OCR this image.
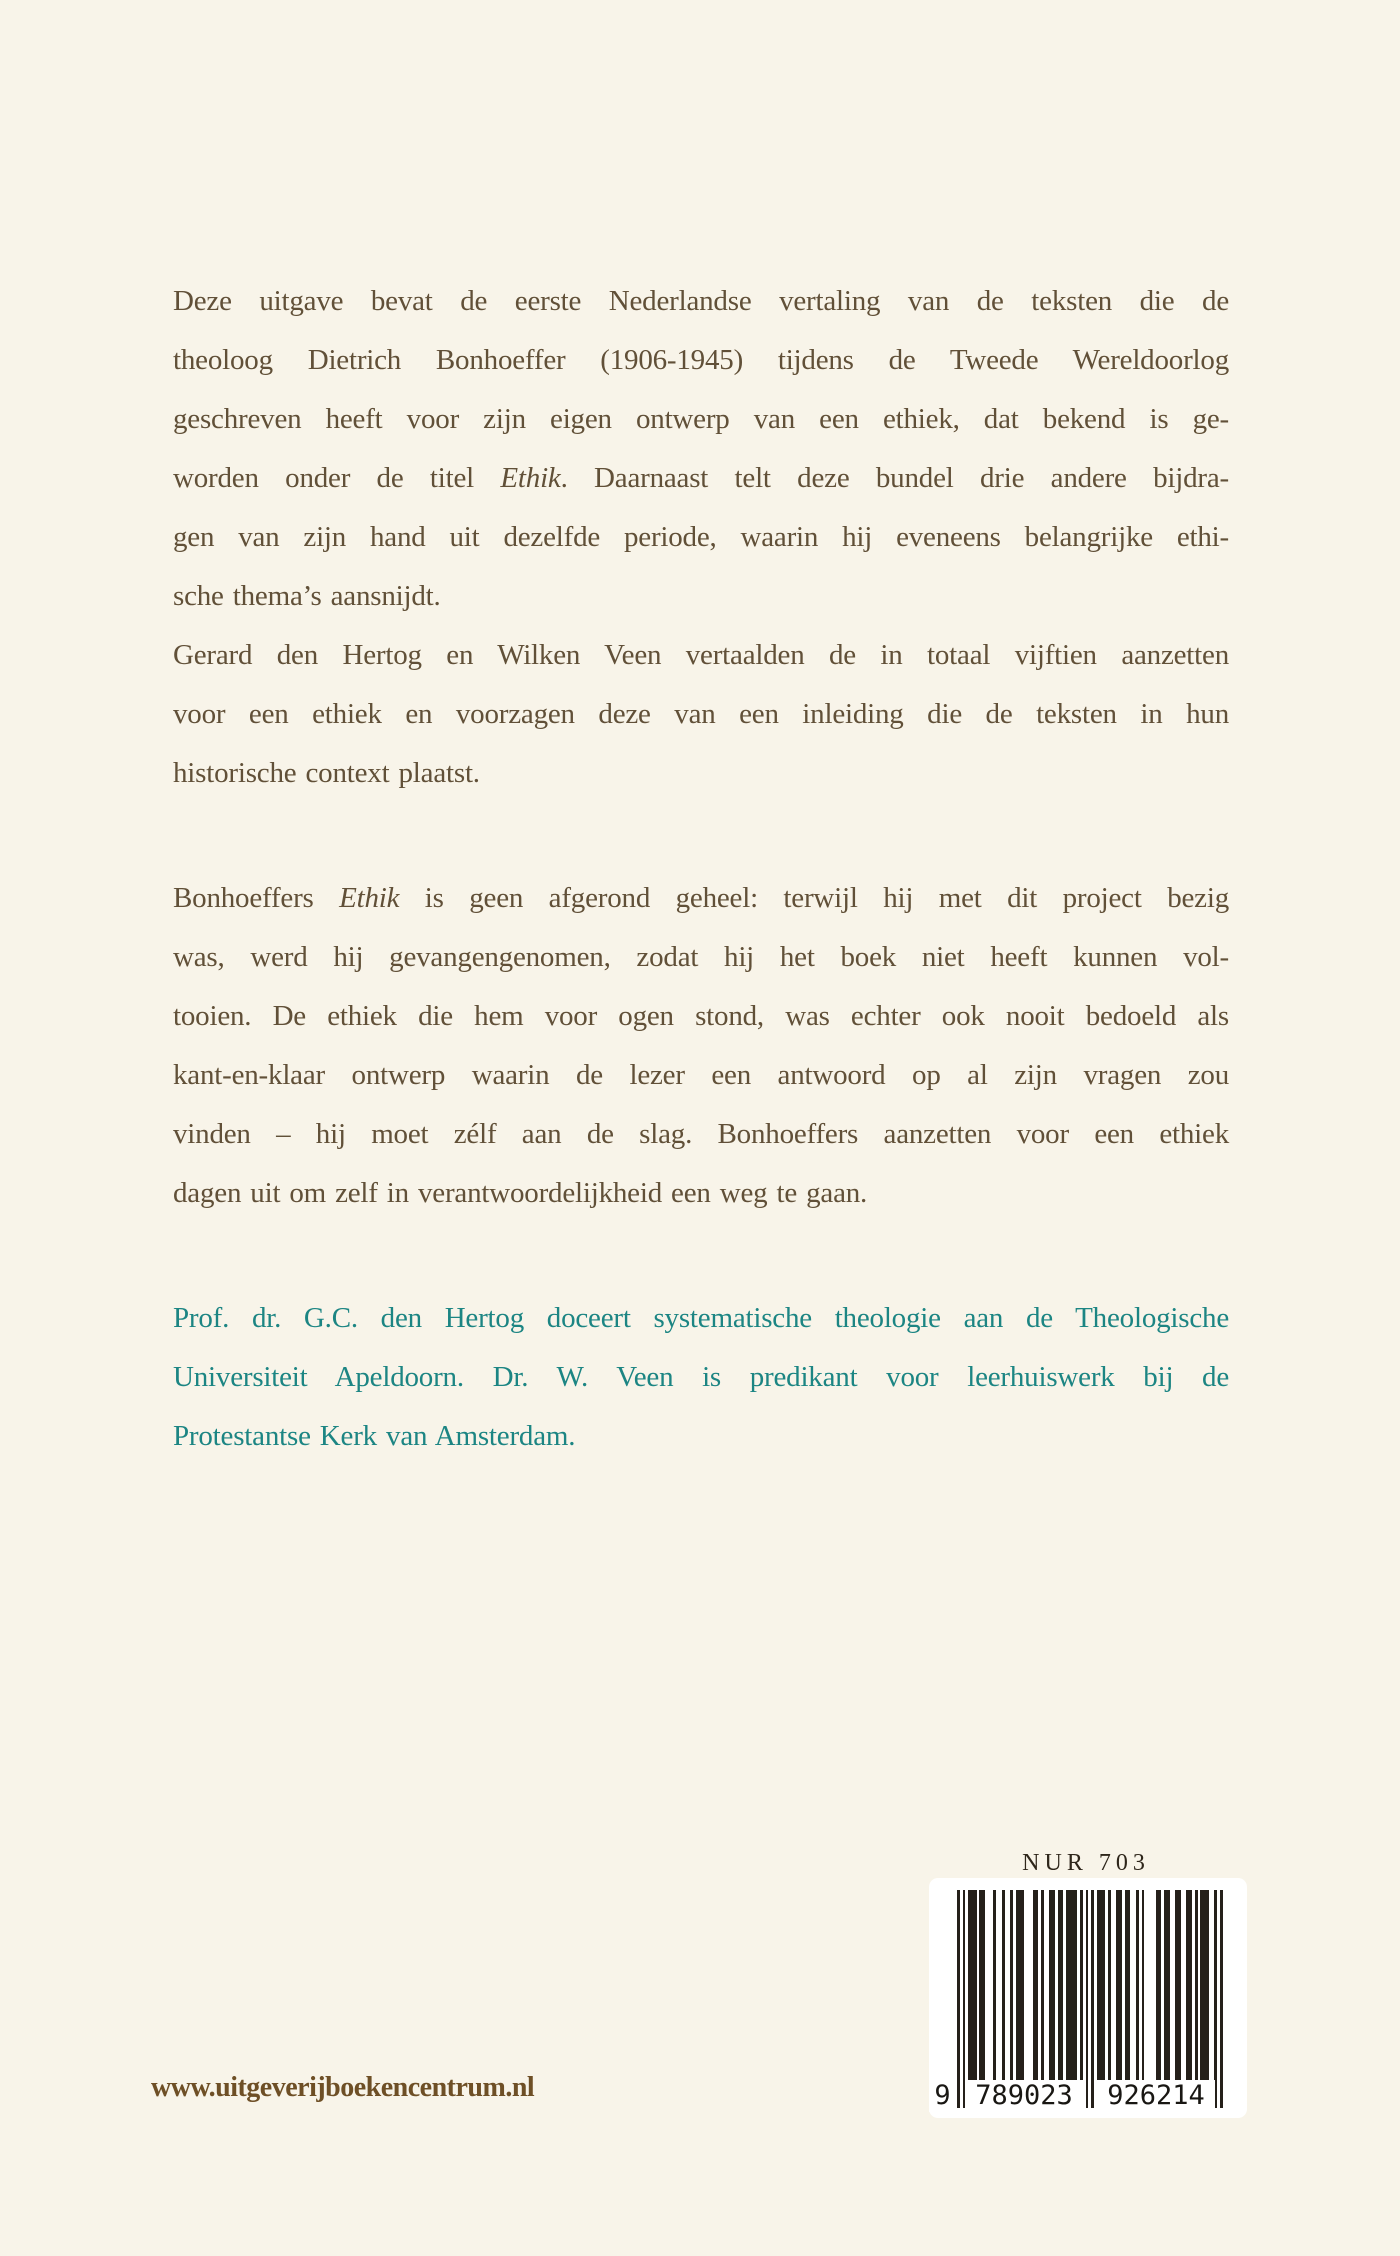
Deze uitgave bevat de eerste Nederlandse vertaling van de teksten die de
theoloog Dietrich Bonhoeffer (1906-1945) tijdens de Tweede Wereldoorlog
geschreven heeft voor zijn eigen ontwerp van een ethiek, dat bekend is ge-
worden onder de titel Ethik. Daarnaast telt deze bundel drie andere bijdra-
gen van zijn hand uit dezelfde periode, waarin hij eveneens belangrijke ethi-
sche thema’s aansnijdt.
Gerard den Hertog en Wilken Veen vertaalden de in totaal vijftien aanzetten
voor een ethiek en voorzagen deze van een inleiding die de teksten in hun
historische context plaatst.
Bonhoeffers Ethik is geen afgerond geheel: terwijl hij met dit project bezig
was, werd hij gevangengenomen, zodat hij het boek niet heeft kunnen vol-
tooien. De ethiek die hem voor ogen stond, was echter ook nooit bedoeld als
kant-en-klaar ontwerp waarin de lezer een antwoord op al zijn vragen zou
vinden – hij moet zélf aan de slag. Bonhoeffers aanzetten voor een ethiek
dagen uit om zelf in verantwoordelijkheid een weg te gaan.
Prof. dr. G.C. den Hertog doceert systematische theologie aan de Theologische
Universiteit Apeldoorn. Dr. W. Veen is predikant voor leerhuiswerk bij de
Protestantse Kerk van Amsterdam.
NUR 703
9 789023	926214
www.uitgeverijboekencentrum.nl
